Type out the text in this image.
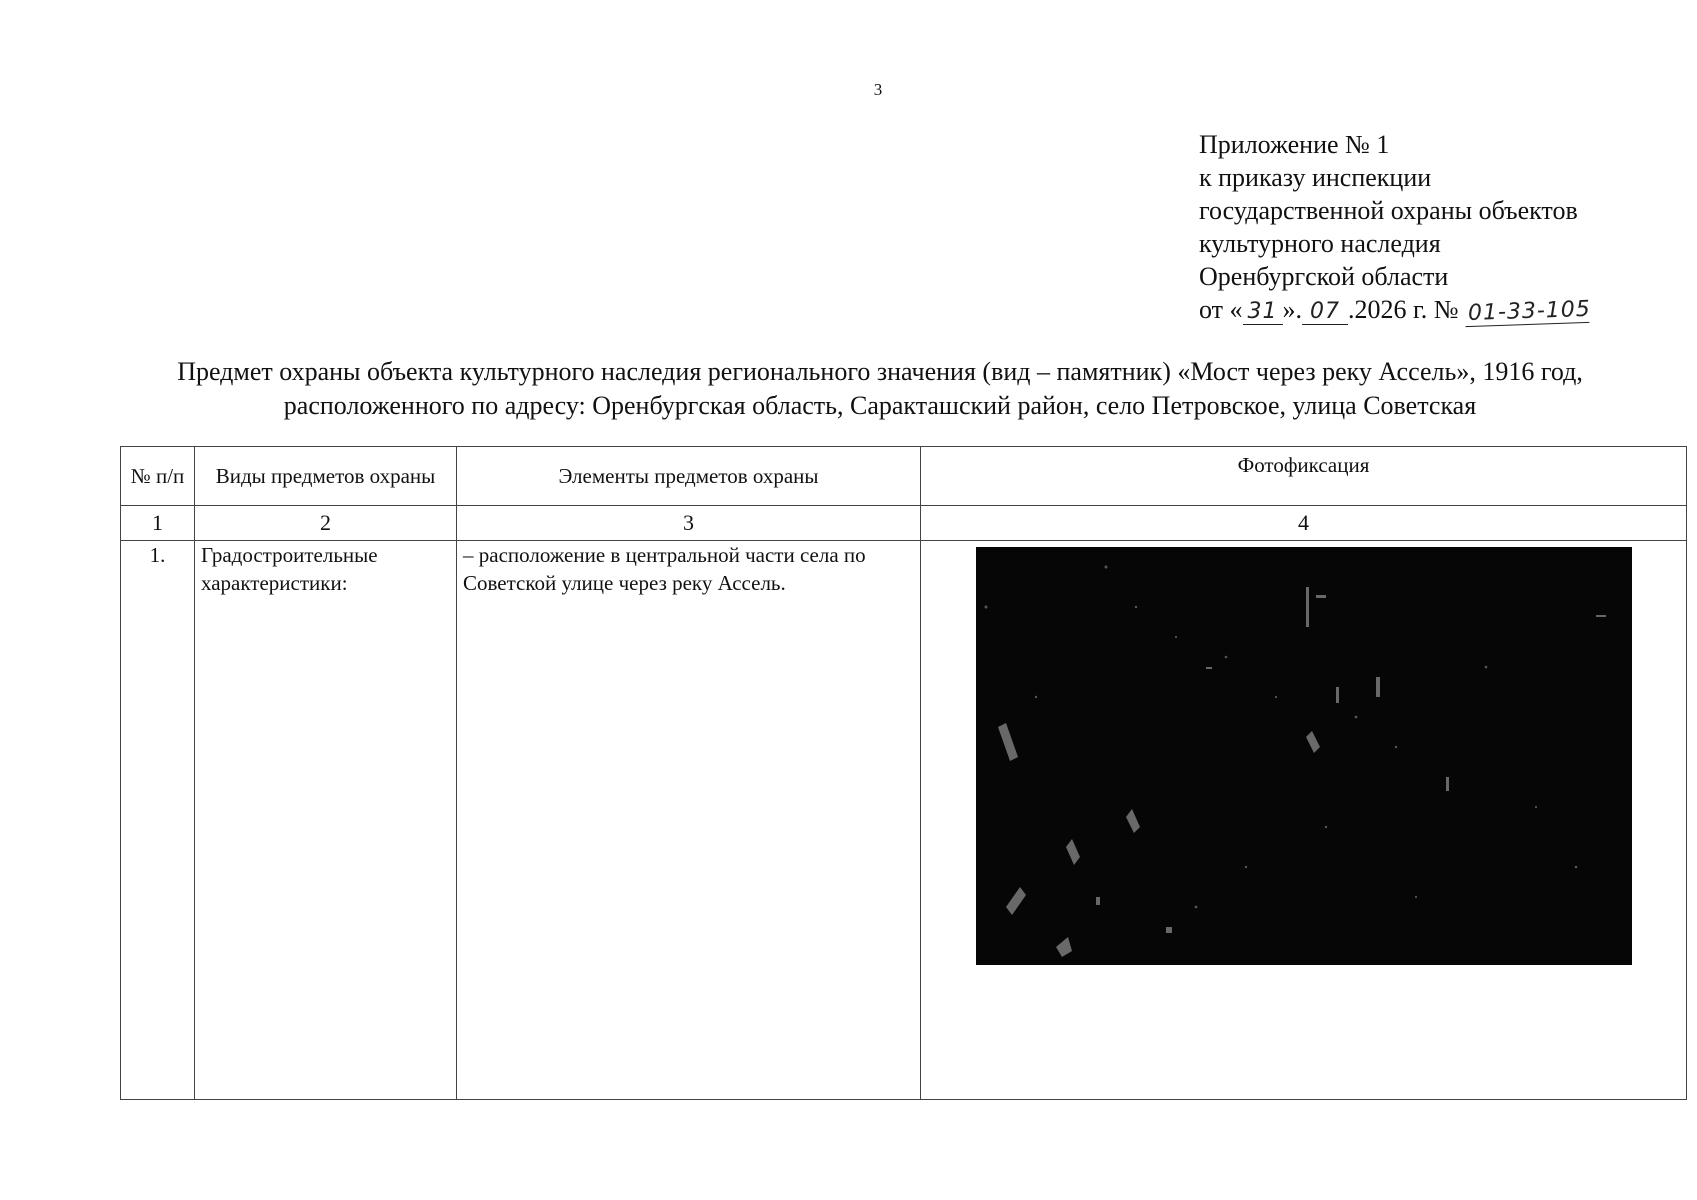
3
Приложение № 1
к приказу инспекции
государственной охраны объектов
культурного наследия
Оренбургской области
от « 31 ». 07 .2026 г. № 01-33-105
Предмет охраны объекта культурного наследия регионального значения (вид – памятник) «Мост через реку Ассель», 1916 год,
расположенного по адресу: Оренбургская область, Саракташский район, село Петровское, улица Советская
№ п/п	Виды предметов охраны	Элементы предметов охраны	Фотофиксация
1	2	3	4
1.	Градостроительные характеристики:	– расположение в центральной части села по Советской улице через реку Ассель.	
